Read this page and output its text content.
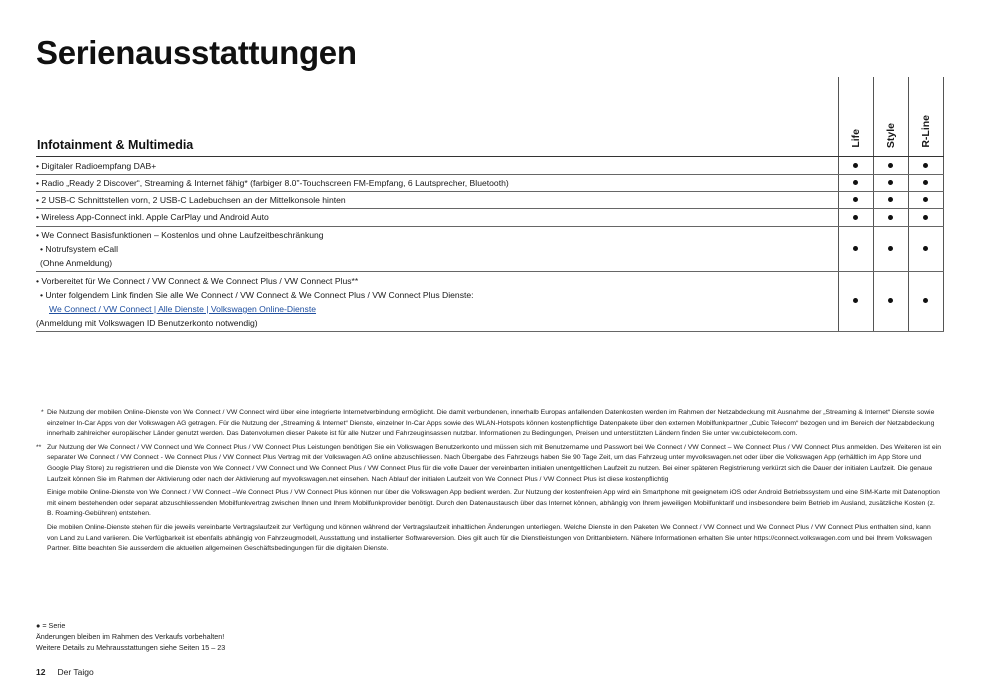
Serienausstattungen
Life Style R-Line
Infotainment & Multimedia
• Digitaler Radioempfang DAB+
• Radio „Ready 2 Discover“, Streaming & Internet fähig* (farbiger 8.0"-Touchscreen FM-Empfang, 6 Lautsprecher, Bluetooth)
• 2 USB-C Schnittstellen vorn, 2 USB-C Ladebuchsen an der Mittelkonsole hinten
• Wireless App-Connect inkl. Apple CarPlay und Android Auto
• We Connect Basisfunktionen – Kostenlos und ohne Laufzeitbeschränkung
• Notrufsystem eCall
(Ohne Anmeldung)
• Vorbereitet für We Connect / VW Connect & We Connect Plus / VW Connect Plus**
• Unter folgendem Link finden Sie alle We Connect / VW Connect & We Connect Plus / VW Connect Plus Dienste:
We Connect / VW Connect | Alle Dienste | Volkswagen Online-Dienste
(Anmeldung mit Volkswagen ID Benutzerkonto notwendig)
* Die Nutzung der mobilen Online-Dienste von We Connect / VW Connect wird über eine integrierte Internetverbindung ermöglicht. Die damit verbundenen, innerhalb Europas anfallenden Datenkosten werden im Rahmen der Netzabdeckung mit Ausnahme der „Streaming & Internet“ Dienste sowie einzelner In-Car Apps von der Volkswagen AG getragen. Für die Nutzung der „Streaming & Internet“ Dienste, einzelner In-Car Apps sowie des WLAN-Hotspots können kostenpflichtige Datenpakete über den externen Mobilfunkpartner „Cubic Telecom“ bezogen und im Bereich der Netzabdeckung innerhalb zahlreicher europäischer Länder genutzt werden. Das Datenvolumen dieser Pakete ist für alle Nutzer und Fahrzeuginsassen nutzbar. Informationen zu Bedingungen, Preisen und unterstützten Ländern finden Sie unter vw.cubictelecom.com.

** Zur Nutzung der We Connect / VW Connect und We Connect Plus / VW Connect Plus Leistungen benötigen Sie ein Volkswagen Benutzerkonto und müssen sich mit Benutzername und Passwort bei We Connect / VW Connect – We Connect Plus / VW Connect Plus anmelden. Des Weiteren ist ein separater We Connect / VW Connect - We Connect Plus / VW Connect Plus Vertrag mit der Volkswagen AG online abzuschliessen. Nach Übergabe des Fahrzeugs haben Sie 90 Tage Zeit, um das Fahrzeug unter myvolkswagen.net oder über die Volkswagen App (erhältlich im App Store und Google Play Store) zu registrieren und die Dienste von We Connect / VW Connect und We Connect Plus / VW Connect Plus für die volle Dauer der vereinbarten initialen unentgeltlichen Laufzeit zu nutzen. Bei einer späteren Registrierung verkürzt sich die Dauer der initialen Laufzeit. Die genaue Laufzeit können Sie im Rahmen der Aktivierung oder nach der Aktivierung auf myvolkswagen.net einsehen. Nach Ablauf der initialen Laufzeit von We Connect Plus / VW Connect Plus ist diese kostenpflichtig

Einige mobile Online-Dienste von We Connect / VW Connect –We Connect Plus / VW Connect Plus können nur über die Volkswagen App bedient werden. Zur Nutzung der kostenfreien App wird ein Smartphone mit geeignetem iOS oder Android Betriebssystem und eine SIM-Karte mit Datenoption mit einem bestehenden oder separat abzuschliessenden Mobilfunkvertrag zwischen Ihnen und Ihrem Mobilfunkprovider benötigt. Durch den Datenaustausch über das Internet können, abhängig von Ihrem jeweiligen Mobilfunktarif und insbesondere beim Betrieb im Ausland, zusätzliche Kosten (z. B. Roaming-Gebühren) entstehen.

Die mobilen Online-Dienste stehen für die jeweils vereinbarte Vertragslaufzeit zur Verfügung und können während der Vertragslaufzeit inhaltlichen Änderungen unterliegen. Welche Dienste in den Paketen We Connect / VW Connect und We Connect Plus / VW Connect Plus enthalten sind, kann von Land zu Land variieren. Die Verfügbarkeit ist ebenfalls abhängig von Fahrzeugmodell, Ausstattung und installierter Softwareversion. Dies gilt auch für die Dienstleistungen von Drittanbietern. Nähere Informationen erhalten Sie unter https://connect.volkswagen.com und bei Ihrem Volkswagen Partner. Bitte beachten Sie ausserdem die aktuellen allgemeinen Geschäftsbedingungen für die digitalen Dienste.

● = Serie
Änderungen bleiben im Rahmen des Verkaufs vorbehalten!
Weitere Details zu Mehrausstattungen siehe Seiten 15 – 23
12 Der Taigo
